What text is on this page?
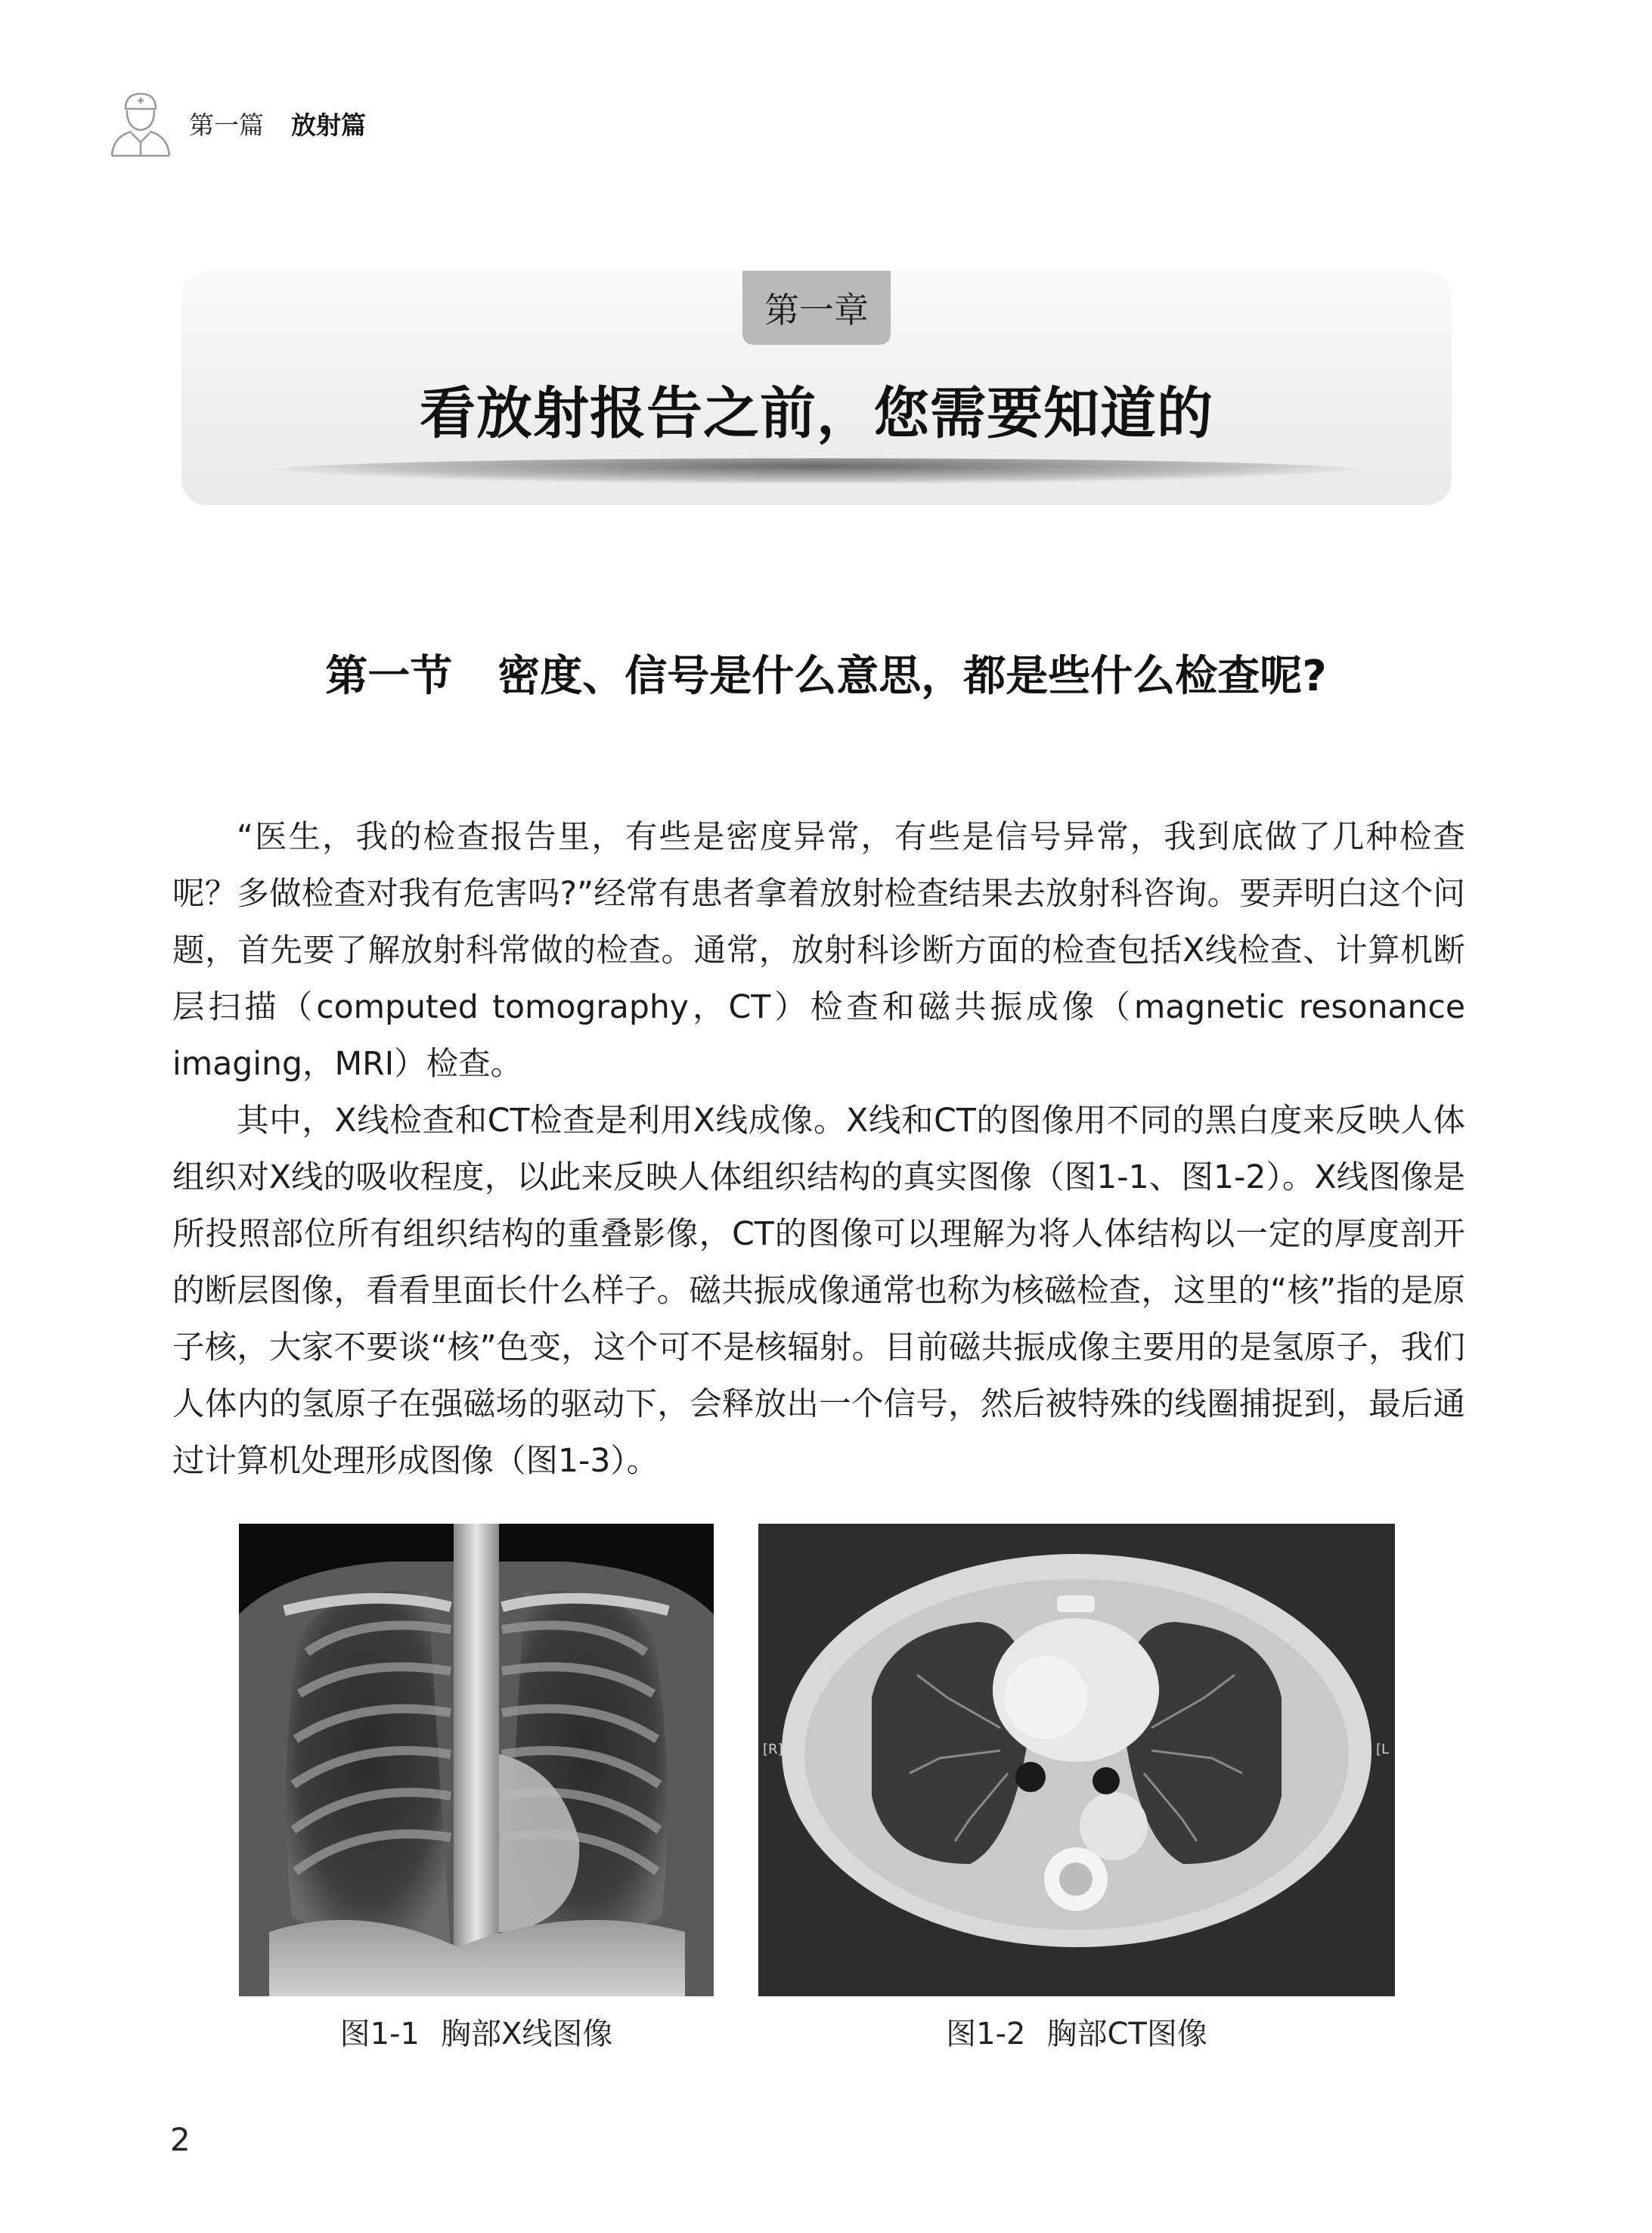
第一篇 放射篇
第一章
看放射报告之前，您需要知道的
第一节 密度、信号是什么意思，都是些什么检查呢?

“医生，我的检查报告里，有些是密度异常，有些是信号异常，我到底做了几种检查呢？多做检查对我有危害吗?”经常有患者拿着放射检查结果去放射科咨询。要弄明白这个问题，首先要了解放射科常做的检查。通常，放射科诊断方面的检查包括X线检查、计算机断层扫描（computed tomography，CT）检查和磁共振成像（magnetic resonance imaging，MRI）检查。

其中，X线检查和CT检查是利用X线成像。X线和CT的图像用不同的黑白度来反映人体组织对X线的吸收程度，以此来反映人体组织结构的真实图像（图1-1、图1-2）。X线图像是所投照部位所有组织结构的重叠影像，CT的图像可以理解为将人体结构以一定的厚度剖开的断层图像，看看里面长什么样子。磁共振成像通常也称为核磁检查，这里的“核”指的是原子核，大家不要谈“核”色变，这个可不是核辐射。目前磁共振成像主要用的是氢原子，我们人体内的氢原子在强磁场的驱动下，会释放出一个信号，然后被特殊的线圈捕捉到，最后通过计算机处理形成图像（图1-3）。

[R]	[L
图1-1 胸部X线图像	图1-2 胸部CT图像
2
